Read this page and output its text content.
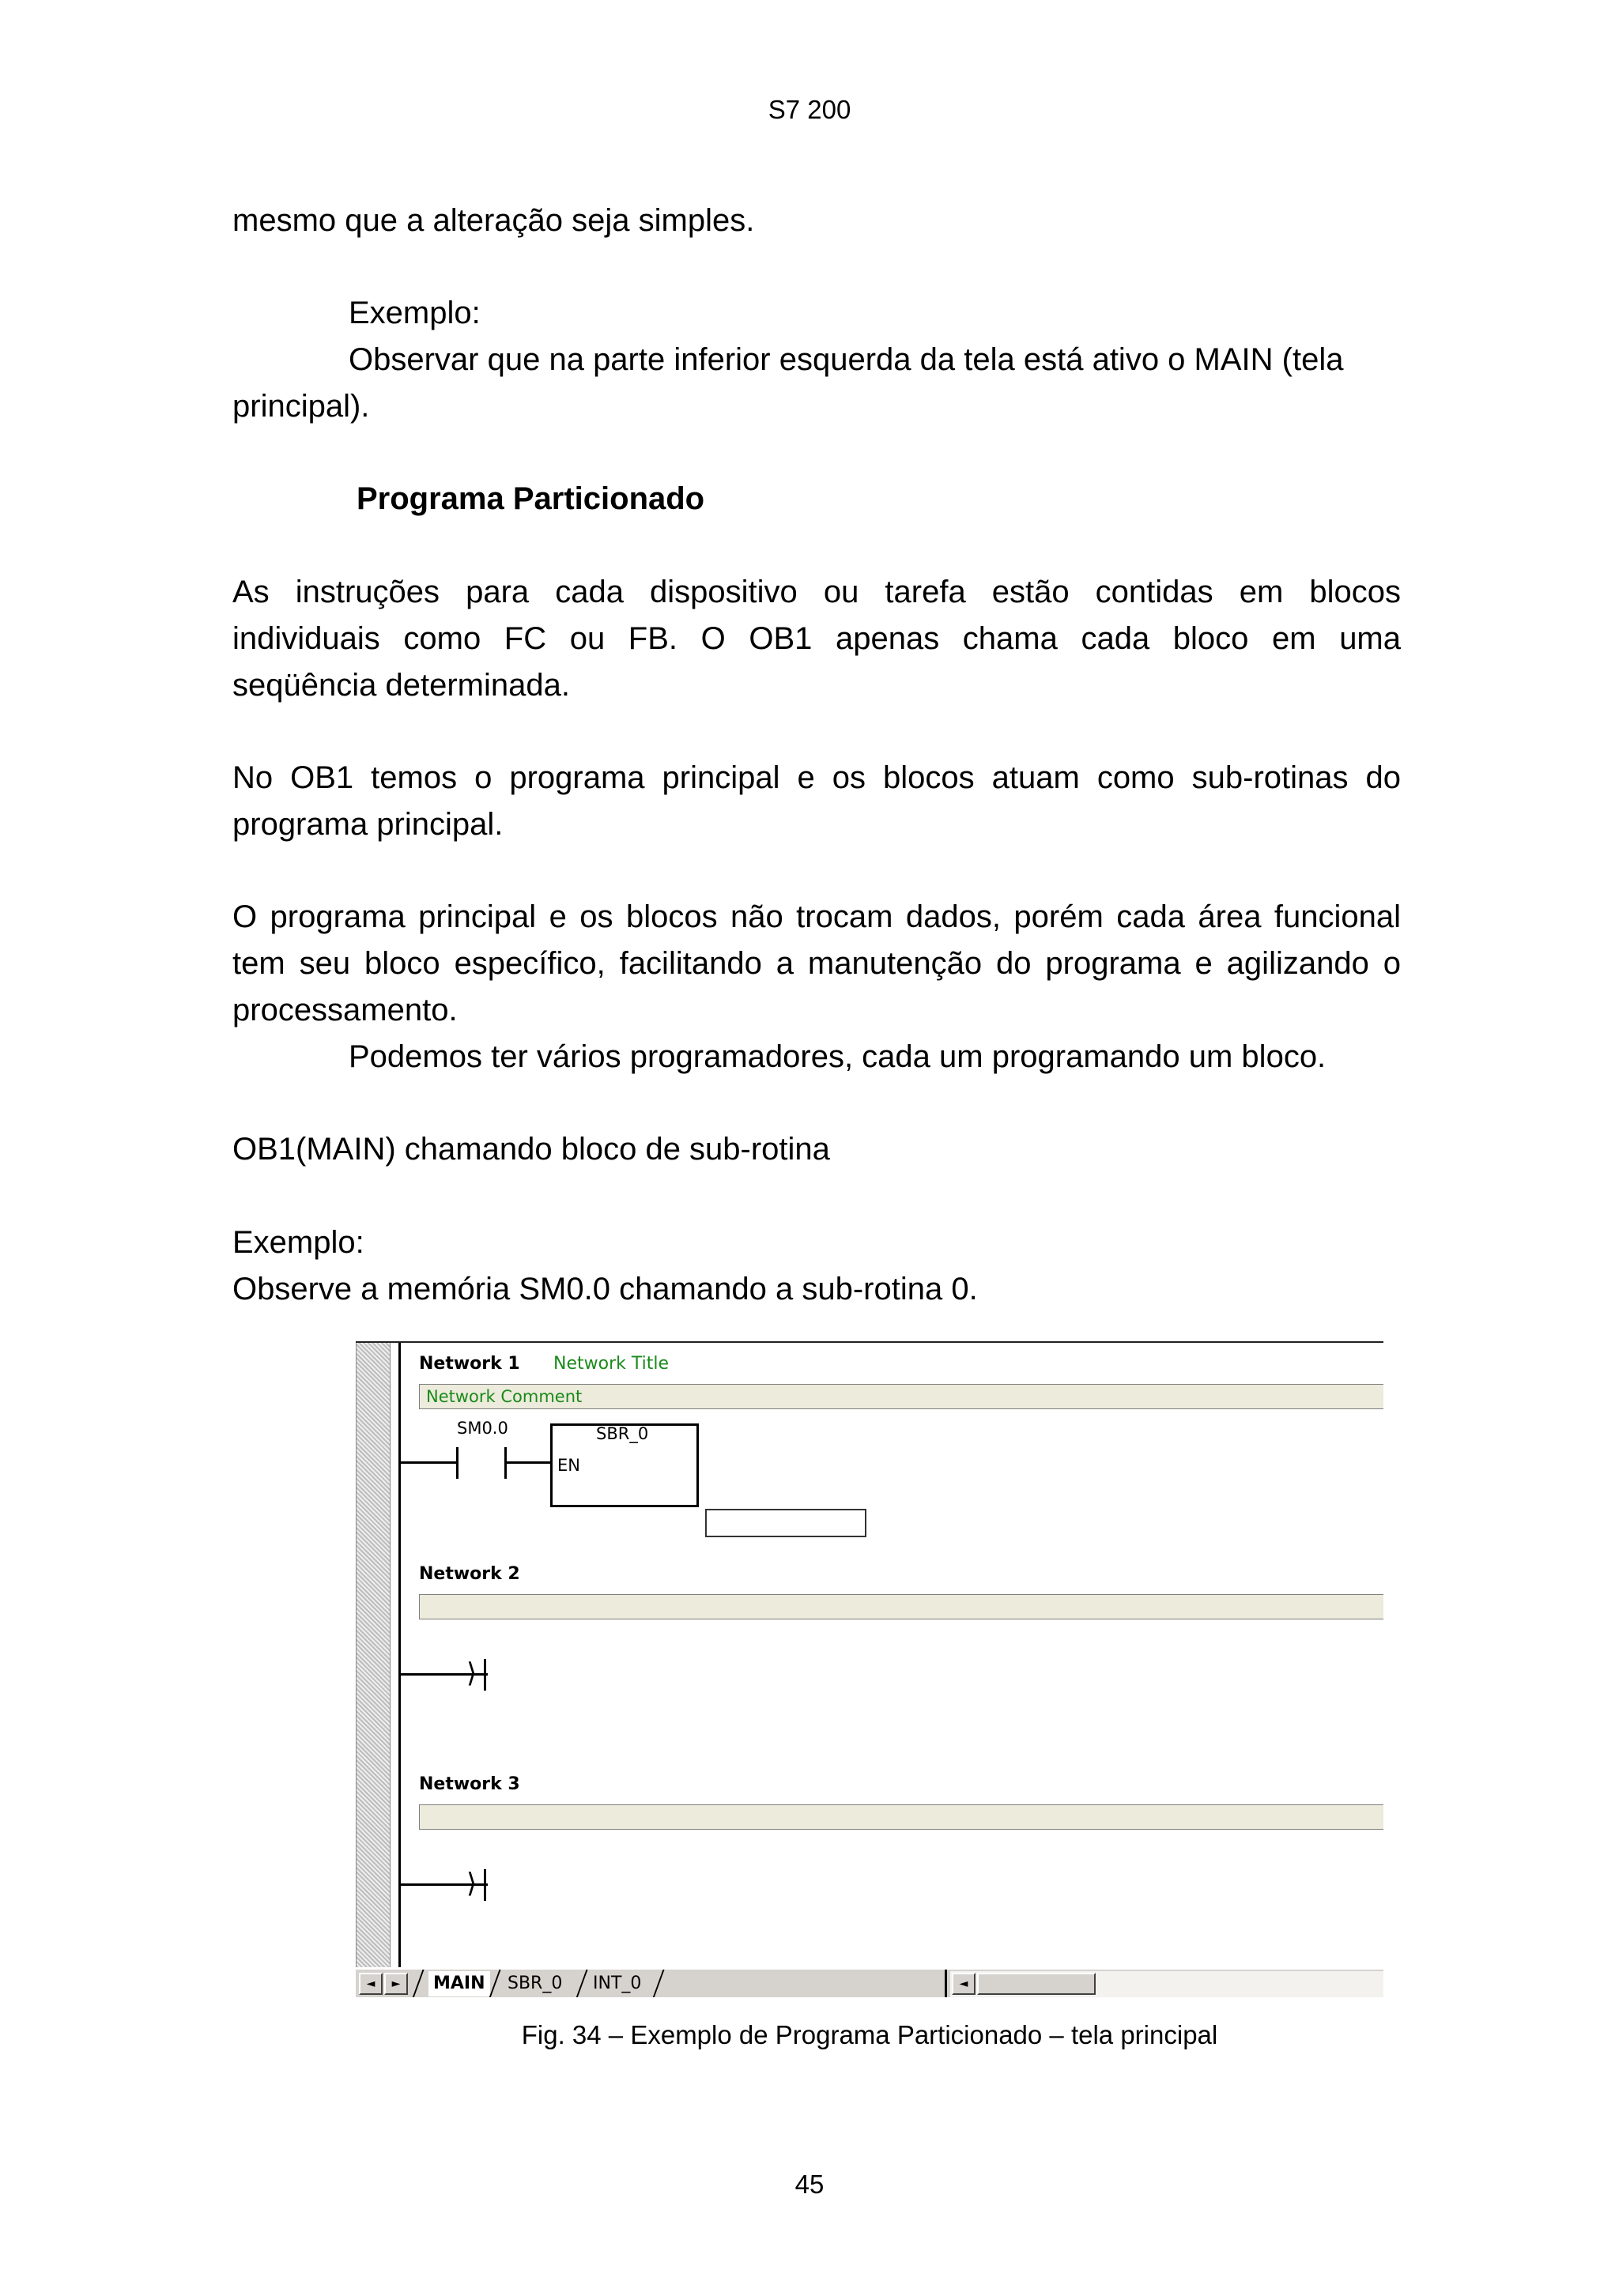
S7 200

mesmo que a alteração seja simples.

Exemplo:

Observar que na parte inferior esquerda da tela está ativo o MAIN (tela

principal).

Programa Particionado

As instruções para cada dispositivo ou tarefa estão contidas em blocos

individuais como FC ou FB. O OB1 apenas chama cada bloco em uma

seqüência determinada.

No OB1 temos o programa principal e os blocos atuam como sub-rotinas do

programa principal.

O programa principal e os blocos não trocam dados, porém cada área funcional

tem seu bloco específico, facilitando a manutenção do programa e agilizando o

processamento.

Podemos ter vários programadores, cada um programando um bloco.

OB1(MAIN) chamando bloco de sub-rotina

Exemplo:

Observe a memória SM0.0 chamando a sub-rotina 0.

Network 1 Network Title
Network Comment
SM0.0	SBR_0
EN
Network 2
⟩
Network 3
⟩
◄	►	MAIN SBR_0 INT_0	◄
Fig. 34 – Exemplo de Programa Particionado – tela principal
45
